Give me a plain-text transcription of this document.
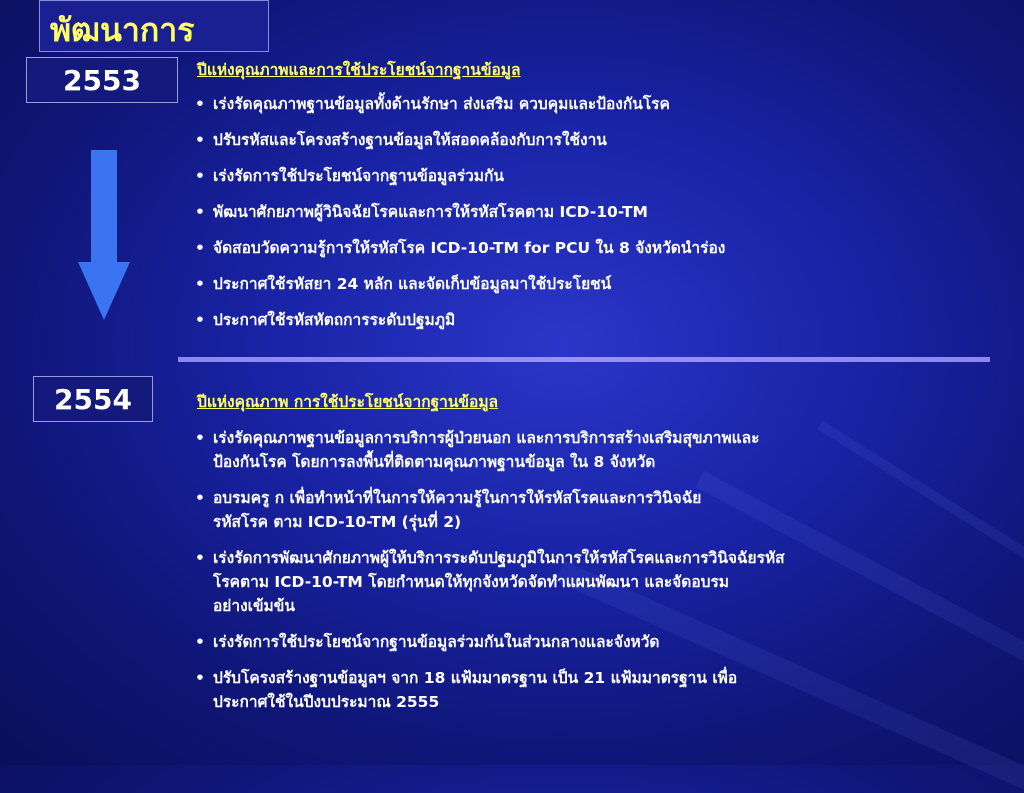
พัฒนาการ
2553	ปีแห่งคุณภาพและการใช้ประโยชน์จากฐานข้อมูล
• เร่งรัดคุณภาพฐานข้อมูลทั้งด้านรักษา ส่งเสริม ควบคุมและป้องกันโรค
• ปรับรหัสและโครงสร้างฐานข้อมูลให้สอดคล้องกับการใช้งาน
• เร่งรัดการใช้ประโยชน์จากฐานข้อมูลร่วมกัน
• พัฒนาศักยภาพผู้วินิจฉัยโรคและการให้รหัสโรคตาม ICD-10-TM
• จัดสอบวัดความรู้การให้รหัสโรค ICD-10-TM for PCU ใน 8 จังหวัดนำร่อง
• ประกาศใช้รหัสยา 24 หลัก และจัดเก็บข้อมูลมาใช้ประโยชน์
• ประกาศใช้รหัสหัตถการระดับปฐมภูมิ
2554	ปีแห่งคุณภาพ การใช้ประโยชน์จากฐานข้อมูล
• เร่งรัดคุณภาพฐานข้อมูลการบริการผู้ป่วยนอก และการบริการสร้างเสริมสุขภาพและ
ป้องกันโรค โดยการลงพื้นที่ติดตามคุณภาพฐานข้อมูล ใน 8 จังหวัด
• อบรมครู ก เพื่อทำหน้าที่ในการให้ความรู้ในการให้รหัสโรคและการวินิจฉัย
รหัสโรค ตาม ICD-10-TM (รุ่นที่ 2)
• เร่งรัดการพัฒนาศักยภาพผู้ให้บริการระดับปฐมภูมิในการให้รหัสโรคและการวินิจฉัยรหัส
โรคตาม ICD-10-TM โดยกำหนดให้ทุกจังหวัดจัดทำแผนพัฒนา และจัดอบรม
อย่างเข้มข้น
• เร่งรัดการใช้ประโยชน์จากฐานข้อมูลร่วมกันในส่วนกลางและจังหวัด
• ปรับโครงสร้างฐานข้อมูลฯ จาก 18 แฟ้มมาตรฐาน เป็น 21 แฟ้มมาตรฐาน เพื่อ
ประกาศใช้ในปีงบประมาณ 2555
